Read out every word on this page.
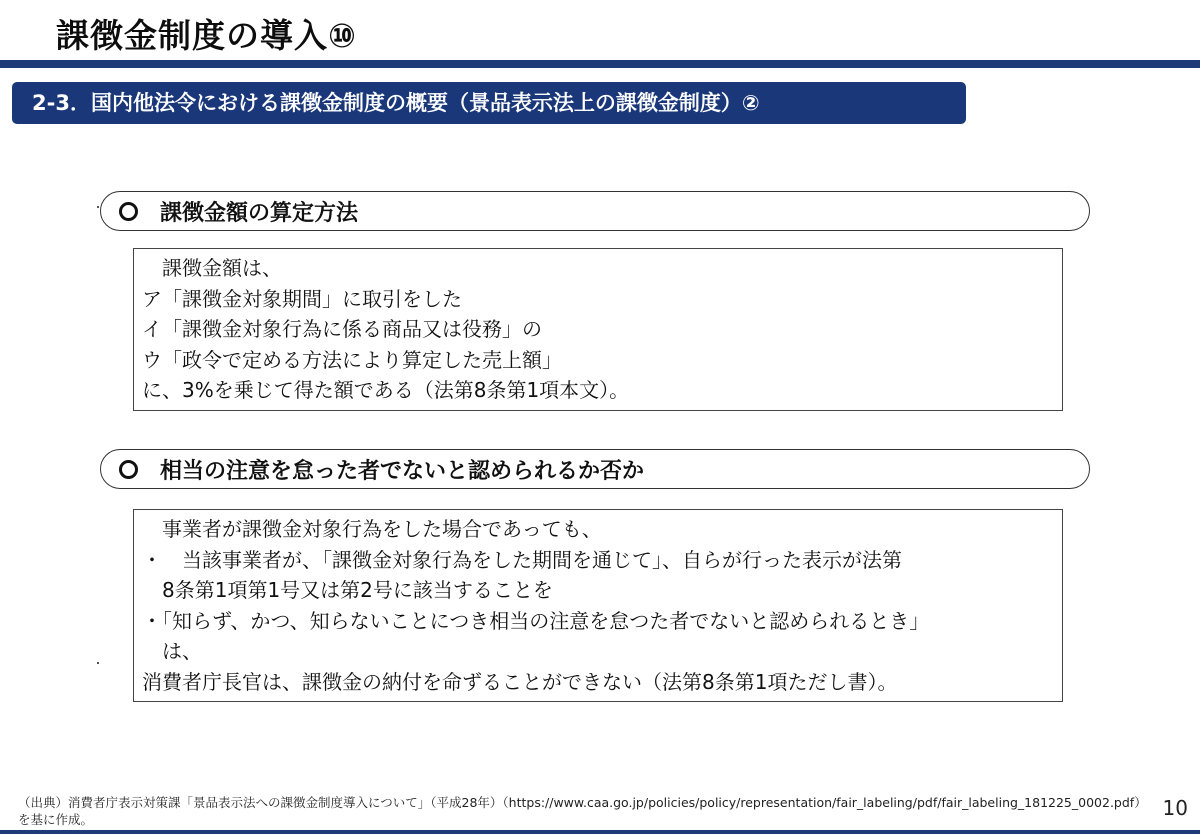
課徴金制度の導入⑩
2-3．国内他法令における課徴金制度の概要（景品表示法上の課徴金制度）②
課徴金額の算定方法
　課徴金額は、
ア「課徴金対象期間」に取引をした
イ「課徴金対象行為に係る商品又は役務」の
ウ「政令で定める方法により算定した売上額」
に、3%を乗じて得た額である（法第8条第1項本文）。
相当の注意を怠った者でないと認められるか否か
　事業者が課徴金対象行為をした場合であっても、
・　当該事業者が、「課徴金対象行為をした期間を通じて」、自らが行った表示が法第
　8条第1項第1号又は第2号に該当することを
・「知らず、かつ、知らないことにつき相当の注意を怠つた者でないと認められるとき」
　は、
消費者庁長官は、課徴金の納付を命ずることができない（法第8条第1項ただし書）。
（出典）消費者庁表示対策課「景品表示法への課徴金制度導入について」（平成28年）（https://www.caa.go.jp/policies/policy/representation/fair_labeling/pdf/fair_labeling_181225_0002.pdf）を基に作成。	10
